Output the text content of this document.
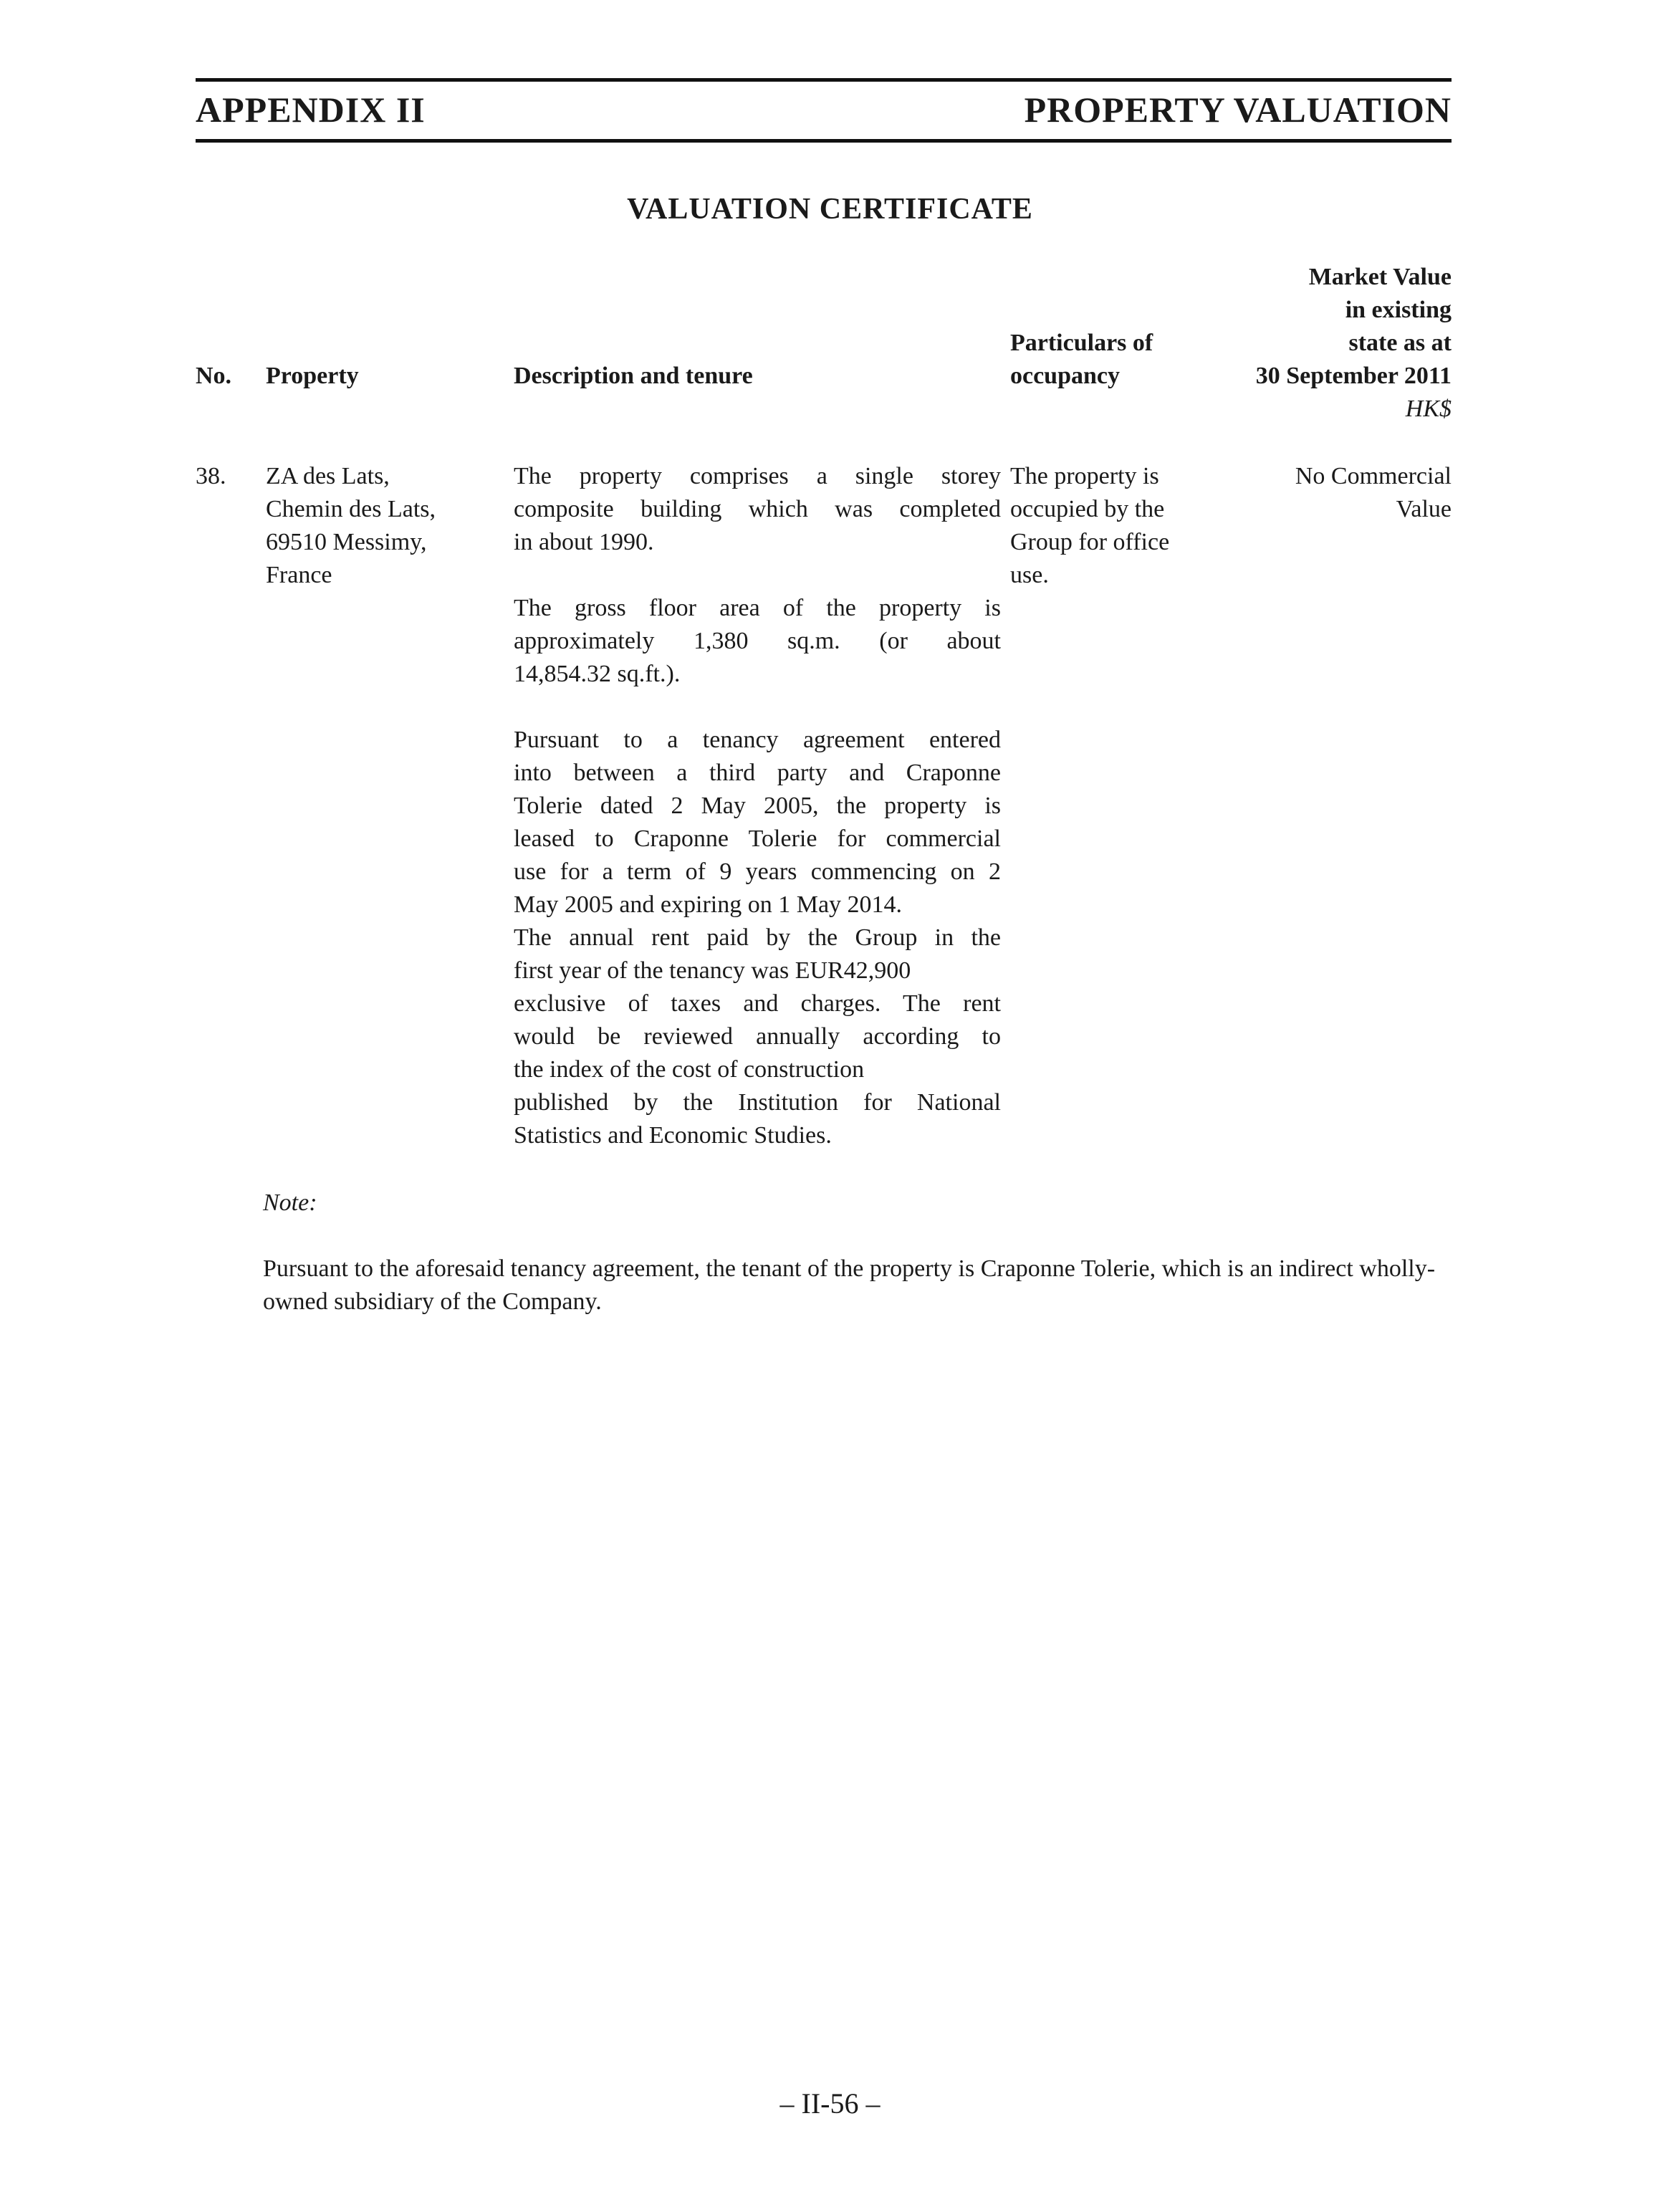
APPENDIX II	PROPERTY VALUATION
VALUATION CERTIFICATE
No. Property	Description and tenure
Particulars of
occupancy
Market Value
in existing
state as at
30 September 2011
HK$
38. ZA des Lats,
Chemin des Lats,
69510 Messimy,
France
The property comprises a single storey
composite building which was completed
in about 1990.
The gross floor area of the property is
approximately 1,380 sq.m. (or about
14,854.32 sq.ft.).
Pursuant to a tenancy agreement entered
into between a third party and Craponne
Tolerie dated 2 May 2005, the property is
leased to Craponne Tolerie for commercial
use for a term of 9 years commencing on 2
May 2005 and expiring on 1 May 2014.
The annual rent paid by the Group in the
first year of the tenancy was EUR42,900
exclusive of taxes and charges. The rent
would be reviewed annually according to
the index of the cost of construction
published by the Institution for National
Statistics and Economic Studies.
The property is
occupied by the
Group for office
use.
No Commercial
Value
Note:
Pursuant to the aforesaid tenancy agreement, the tenant of the property is Craponne Tolerie, which is an indirect wholly-owned subsidiary of the Company.
– II-56 –
